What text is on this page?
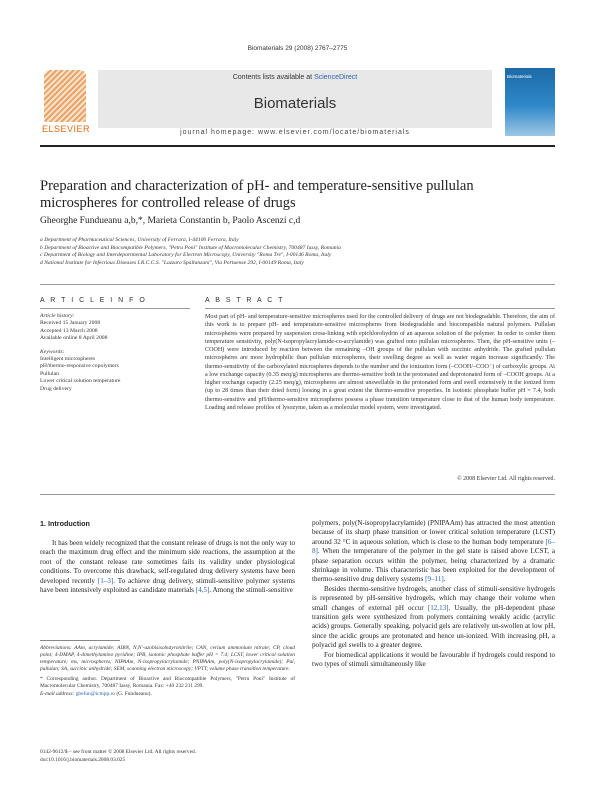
Biomaterials 29 (2008) 2767–2775
ELSEVIER
Contents lists available at ScienceDirect
Biomaterials
journal homepage: www.elsevier.com/locate/biomaterials
Biomaterials
Preparation and characterization of pH- and temperature-sensitive pullulan microspheres for controlled release of drugs
Gheorghe Fundueanu a,b,*, Marieta Constantin b, Paolo Ascenzi c,d
a Department of Pharmaceutical Sciences, University of Ferrara, I-44100 Ferrara, Italy
b Department of Bioactive and Biocompatible Polymers, "Petru Poni" Institute of Macromolecular Chemistry, 700487 Iassy, Romania
c Department of Biology and Interdepartmental Laboratory for Electron Microscopy, University "Roma Tre", I-00146 Roma, Italy
d National Institute for Infectious Diseases I.R.C.C.S. "Lazzaro Spallanzani", Via Portuense 292, I-00149 Roma, Italy
A R T I C L E I N F O	A B S T R A C T
Article history:
Received 15 January 2008
Accepted 13 March 2008
Available online 8 April 2008
Keywords:
Intelligent microspheres
pH/thermo-responsive copolymers
Pullulan
Lower critical solution temperature
Drug delivery
Most part of pH- and temperature-sensitive microspheres used for the controlled delivery of drugs are not biodegradable. Therefore, the aim of this work is to prepare pH- and temperature-sensitive microspheres from biodegradable and biocompatible natural polymers. Pullulan microspheres were prepared by suspension cross-linking with epichlorohydrin of an aqueous solution of the polymer. In order to confer them temperature sensitivity, poly(N-isopropylacrylamide-co-acrylamide) was grafted onto pullulan microspheres. Then, the pH-sensitive units (–COOH) were introduced by reaction between the remaining –OH groups of the pullulan with succinic anhydride. The grafted pullulan microspheres are more hydrophilic than pullulan microspheres, their swelling degree as well as water regain increase significantly. The thermo-sensitivity of the carboxylated microspheres depends to the number and the ionization form (–COOH/–COO⁻) of carboxylic groups. At a low exchange capacity (0.35 meq/g) microspheres are thermo-sensitive both in the protonated and deprotonated form of –COOH groups. At a higher exchange capacity (2.25 meq/g), microspheres are almost unswellable in the protonated form and swell extensively in the ionized form (up to 28 times than their dried form) loosing in a great extent the thermo-sensitive properties. In isotonic phosphate buffer pH = 7.4, both thermo-sensitive and pH/thermo-sensitive microspheres possess a phase transition temperature close to that of the human body temperature. Loading and release profiles of lysozyme, taken as a molecular model system, were investigated.
© 2008 Elsevier Ltd. All rights reserved.
1. Introduction
It has been widely recognized that the constant release of drugs is not the only way to reach the maximum drug effect and the minimum side reactions, the assumption at the root of the constant release rate sometimes fails its validity under physiological conditions. To overcome this drawback, self-regulated drug delivery systems have been developed recently [1–3]. To achieve drug delivery, stimuli-sensitive polymer systems have been intensively exploited as candidate materials [4,5]. Among the stimuli-sensitive

polymers, poly(N-isopropylacrylamide) (PNIPAAm) has attracted the most attention because of its sharp phase transition or lower critical solution temperature (LCST) around 32 °C in aqueous solution, which is close to the human body temperature [6–8]. When the temperature of the polymer in the gel state is raised above LCST, a phase separation occurs within the polymer, being characterized by a dramatic shrinkage in volume. This characteristic has been exploited for the development of thermo-sensitive drug delivery systems [9–11].

Besides thermo-sensitive hydrogels, another class of stimuli-sensitive hydrogels is represented by pH-sensitive hydrogels, which may change their volume when small changes of external pH occur [12,13]. Usually, the pH-dependent phase transition gels were synthesized from polymers containing weakly acidic (acrylic acids) groups. Generally speaking, polyacid gels are relatively un-swollen at low pH, since the acidic groups are protonated and hence un-ionized. With increasing pH, a polyacid gel swells to a greater degree.

For biomedical applications it would be favourable if hydrogels could respond to two types of stimuli simultaneously like

Abbreviations: AAm, acrylamide; AIBN, N,N′-azobisisobutyronitrile; CAN, cerium ammonium nitrate; CP, cloud point; 4-DMAP, 4-dimethylamino pyridine; IPB, isotonic phosphate buffer pH = 7.4; LCST, lower critical solution temperature; ms, microspheres; NIPAAm, N-isopropylacrylamide; PNIPAAm, poly(N-isopropylacrylamide); Pul, pullulan; SA, succinic anhydride; SEM, scanning electron microscopy; VPTT, volume phase transition temperature.
* Corresponding author. Department of Bioactive and Biocompatible Polymers, "Petru Poni" Institute of Macromolecular Chemistry, 700487 Iassy, Romania. Fax: +40 232 211 299.
E-mail address: gbefun@icmpp.ro (G. Fundueanu).
0142-9612/$ – see front matter © 2008 Elsevier Ltd. All rights reserved.
doi:10.1016/j.biomaterials.2008.03.025
